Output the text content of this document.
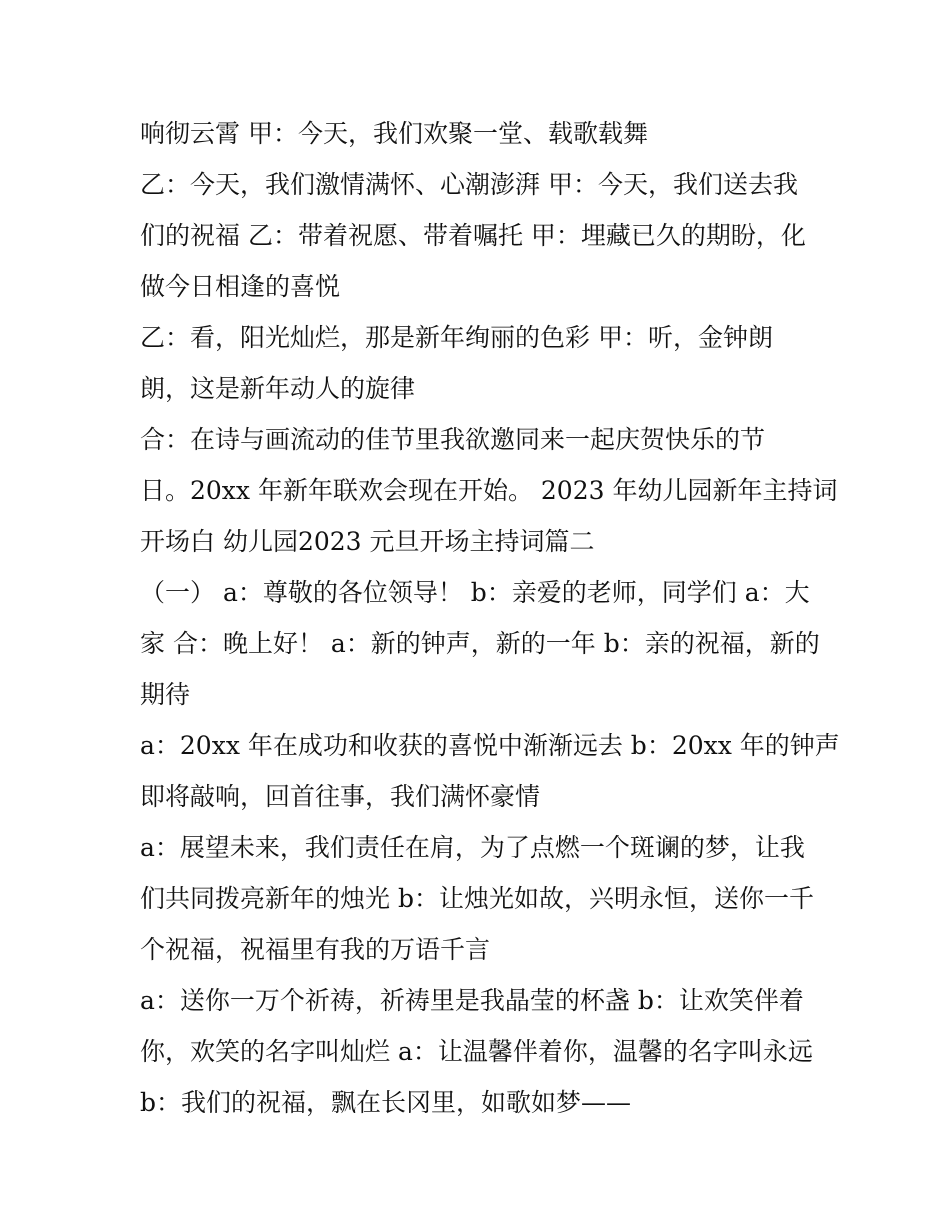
响彻云霄 甲：今天，我们欢聚一堂、载歌载舞
乙：今天，我们激情满怀、心潮澎湃 甲：今天，我们送去我
们的祝福 乙：带着祝愿、带着嘱托 甲：埋藏已久的期盼，化
做今日相逢的喜悦
乙：看，阳光灿烂，那是新年绚丽的色彩 甲：听，金钟朗
朗，这是新年动人的旋律
合：在诗与画流动的佳节里我欲邀同来一起庆贺快乐的节
日。20xx 年新年联欢会现在开始。 2023 年幼儿园新年主持词
开场白 幼儿园2023 元旦开场主持词篇二
（一） a：尊敬的各位领导！ b：亲爱的老师，同学们 a：大
家 合：晚上好！ a：新的钟声，新的一年 b：亲的祝福，新的
期待
a：20xx 年在成功和收获的喜悦中渐渐远去 b：20xx 年的钟声
即将敲响，回首往事，我们满怀豪情
a：展望未来，我们责任在肩，为了点燃一个斑谰的梦，让我
们共同拨亮新年的烛光 b：让烛光如故，兴明永恒，送你一千
个祝福，祝福里有我的万语千言
a：送你一万个祈祷，祈祷里是我晶莹的杯盏 b：让欢笑伴着
你，欢笑的名字叫灿烂 a：让温馨伴着你，温馨的名字叫永远
b：我们的祝福，飘在长冈里，如歌如梦——
